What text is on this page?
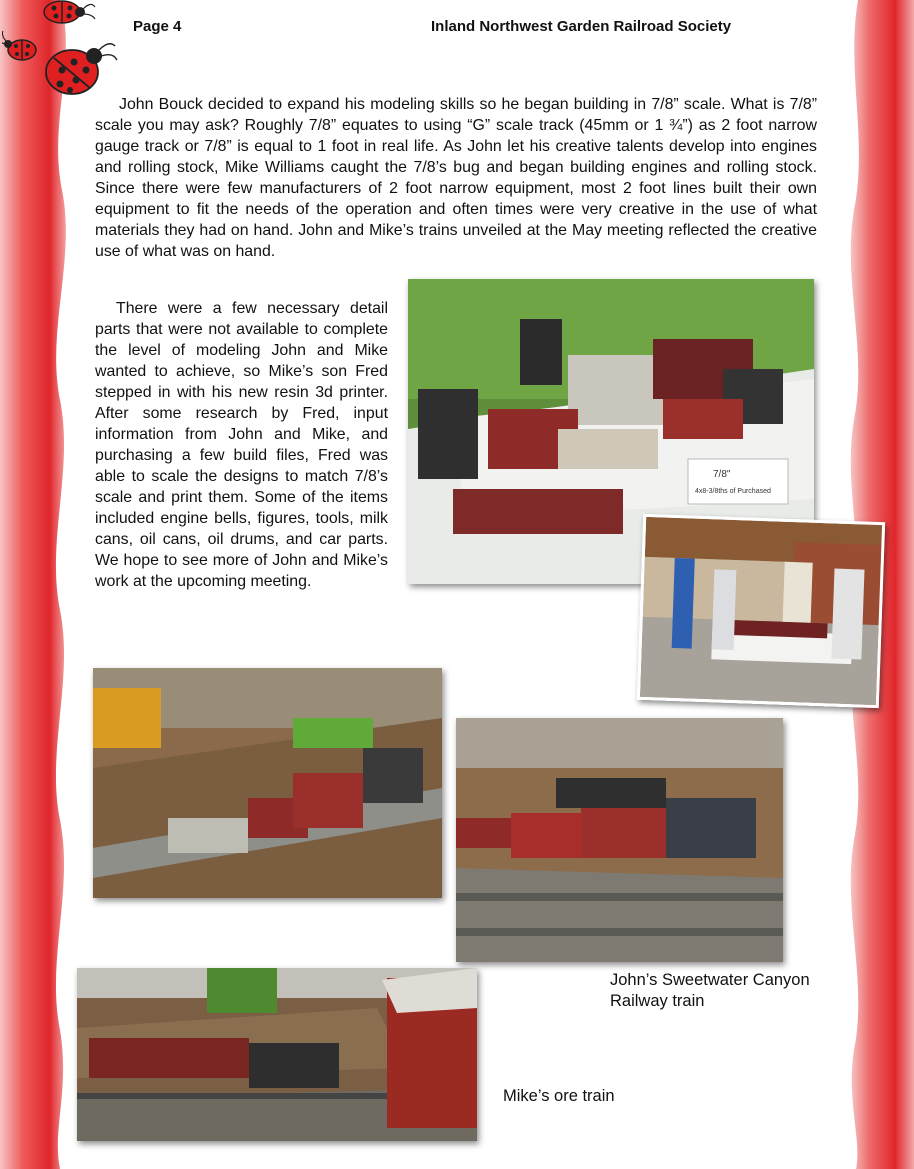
Page 4	Inland Northwest Garden Railroad Society

John Bouck decided to expand his modeling skills so he began building in 7/8” scale. What is 7/8” scale you may ask? Roughly 7/8” equates to using “G” scale track (45mm or 1 ¾”) as 2 foot narrow gauge track or 7/8” is equal to 1 foot in real life. As John let his creative talents develop into engines and rolling stock, Mike Williams caught the 7/8’s bug and began building engines and rolling stock. Since there were few manufacturers of 2 foot narrow equipment, most 2 foot lines built their own equipment to fit the needs of the operation and often times were very creative in the use of what materials they had on hand. John and Mike’s trains unveiled at the May meeting reflected the creative use of what was on hand.

There were a few necessary detail parts that were not available to complete the level of modeling John and Mike wanted to achieve, so Mike’s son Fred stepped in with his new resin 3d printer. After some research by Fred, input information from John and Mike, and purchasing a few build files, Fred was able to scale the designs to match 7/8’s scale and print them. Some of the items included engine bells, figures, tools, milk cans, oil cans, oil drums, and car parts. We hope to see more of John and Mike’s work at the upcoming meeting.

7/8"
4x8-3/8ths of Purchased
John’s Sweetwater Canyon Railway train
Mike’s ore train
